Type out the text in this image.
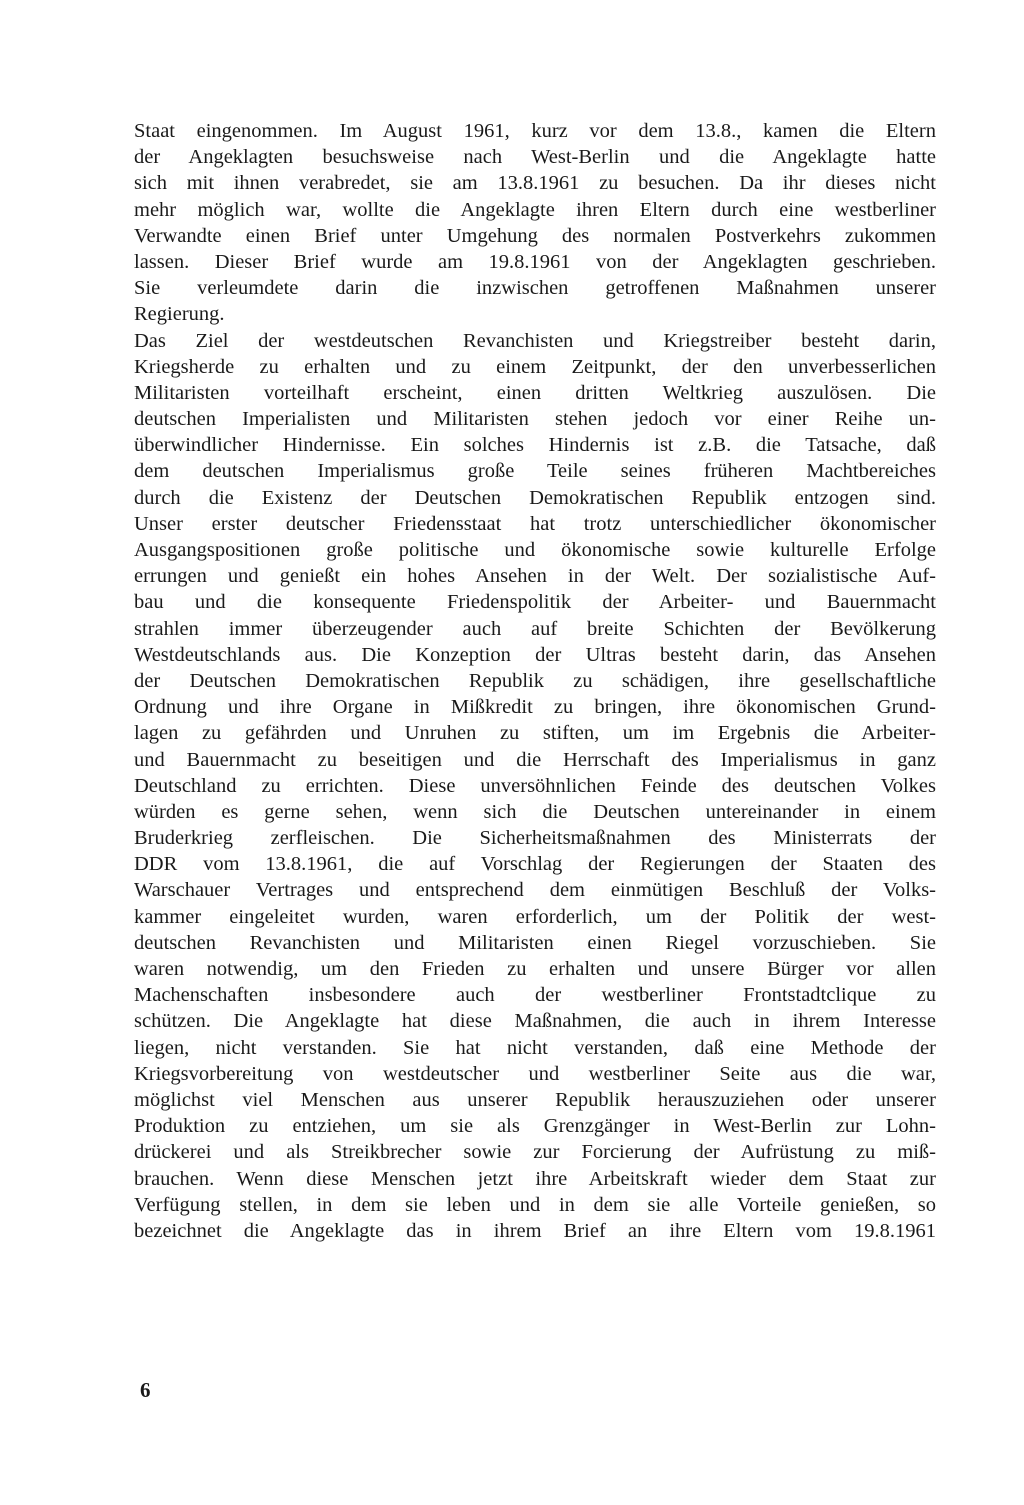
Staat eingenommen. Im August 1961, kurz vor dem 13.8., kamen die Eltern
der Angeklagten besuchsweise nach West-Berlin und die Angeklagte hatte
sich mit ihnen verabredet, sie am 13.8.1961 zu besuchen. Da ihr dieses nicht
mehr möglich war, wollte die Angeklagte ihren Eltern durch eine westberliner
Verwandte einen Brief unter Umgehung des normalen Postverkehrs zukommen
lassen. Dieser Brief wurde am 19.8.1961 von der Angeklagten geschrieben.
Sie verleumdete darin die inzwischen getroffenen Maßnahmen unserer
Regierung.
Das Ziel der westdeutschen Revanchisten und Kriegstreiber besteht darin,
Kriegsherde zu erhalten und zu einem Zeitpunkt, der den unverbesserlichen
Militaristen vorteilhaft erscheint, einen dritten Weltkrieg auszulösen. Die
deutschen Imperialisten und Militaristen stehen jedoch vor einer Reihe un-
überwindlicher Hindernisse. Ein solches Hindernis ist z.B. die Tatsache, daß
dem deutschen Imperialismus große Teile seines früheren Machtbereiches
durch die Existenz der Deutschen Demokratischen Republik entzogen sind.
Unser erster deutscher Friedensstaat hat trotz unterschiedlicher ökonomischer
Ausgangspositionen große politische und ökonomische sowie kulturelle Erfolge
errungen und genießt ein hohes Ansehen in der Welt. Der sozialistische Auf-
bau und die konsequente Friedenspolitik der Arbeiter- und Bauernmacht
strahlen immer überzeugender auch auf breite Schichten der Bevölkerung
Westdeutschlands aus. Die Konzeption der Ultras besteht darin, das Ansehen
der Deutschen Demokratischen Republik zu schädigen, ihre gesellschaftliche
Ordnung und ihre Organe in Mißkredit zu bringen, ihre ökonomischen Grund-
lagen zu gefährden und Unruhen zu stiften, um im Ergebnis die Arbeiter-
und Bauernmacht zu beseitigen und die Herrschaft des Imperialismus in ganz
Deutschland zu errichten. Diese unversöhnlichen Feinde des deutschen Volkes
würden es gerne sehen, wenn sich die Deutschen untereinander in einem
Bruderkrieg zerfleischen. Die Sicherheitsmaßnahmen des Ministerrats der
DDR vom 13.8.1961, die auf Vorschlag der Regierungen der Staaten des
Warschauer Vertrages und entsprechend dem einmütigen Beschluß der Volks-
kammer eingeleitet wurden, waren erforderlich, um der Politik der west-
deutschen Revanchisten und Militaristen einen Riegel vorzuschieben. Sie
waren notwendig, um den Frieden zu erhalten und unsere Bürger vor allen
Machenschaften insbesondere auch der westberliner Frontstadtclique zu
schützen. Die Angeklagte hat diese Maßnahmen, die auch in ihrem Interesse
liegen, nicht verstanden. Sie hat nicht verstanden, daß eine Methode der
Kriegsvorbereitung von westdeutscher und westberliner Seite aus die war,
möglichst viel Menschen aus unserer Republik herauszuziehen oder unserer
Produktion zu entziehen, um sie als Grenzgänger in West-Berlin zur Lohn-
drückerei und als Streikbrecher sowie zur Forcierung der Aufrüstung zu miß-
brauchen. Wenn diese Menschen jetzt ihre Arbeitskraft wieder dem Staat zur
Verfügung stellen, in dem sie leben und in dem sie alle Vorteile genießen, so
bezeichnet die Angeklagte das in ihrem Brief an ihre Eltern vom 19.8.1961
6
